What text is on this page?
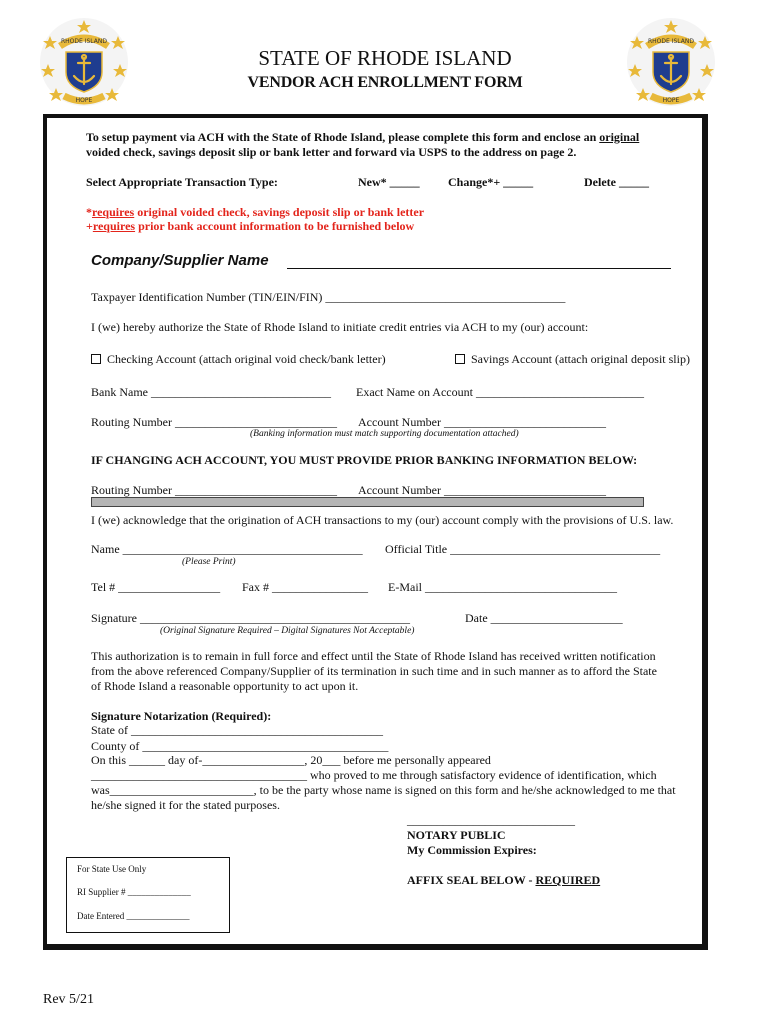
RHODE ISLAND
HOPE
RHODE ISLAND
HOPE
STATE OF RHODE ISLAND
VENDOR ACH ENROLLMENT FORM
To setup payment via ACH with the State of Rhode Island, please complete this form and enclose an original
voided check, savings deposit slip or bank letter and forward via USPS to the address on page 2.
Select Appropriate Transaction Type:	New* _____ Change*+ _____	Delete _____
*requires original voided check, savings deposit slip or bank letter
+requires prior bank account information to be furnished below
Company/Supplier Name
Taxpayer Identification Number (TIN/EIN/FIN) ________________________________________
I (we) hereby authorize the State of Rhode Island to initiate credit entries via ACH to my (our) account:
Checking Account (attach original void check/bank letter)	Savings Account (attach original deposit slip)
Bank Name ______________________________ Exact Name on Account ____________________________
Routing Number ___________________________ Account Number ___________________________
(Banking information must match supporting documentation attached)
IF CHANGING ACH ACCOUNT, YOU MUST PROVIDE PRIOR BANKING INFORMATION BELOW:
Routing Number ___________________________ Account Number ___________________________
I (we) acknowledge that the origination of ACH transactions to my (our) account comply with the provisions of U.S. law.
Name ________________________________________ Official Title ___________________________________
(Please Print)
Tel # _________________ Fax # ________________ E-Mail ________________________________
Signature _____________________________________________	Date ______________________
(Original Signature Required – Digital Signatures Not Acceptable)
This authorization is to remain in full force and effect until the State of Rhode Island has received written notification
from the above referenced Company/Supplier of its termination in such time and in such manner as to afford the State
of Rhode Island a reasonable opportunity to act upon it.
Signature Notarization (Required):
State of __________________________________________
County of _________________________________________
On this ______ day of-_________________, 20___ before me personally appeared
____________________________________ who proved to me through satisfactory evidence of identification, which
was________________________, to be the party whose name is signed on this form and he/she acknowledged to me that
he/she signed it for the stated purposes.
____________________________
NOTARY PUBLIC
My Commission Expires:
AFFIX SEAL BELOW - REQUIRED
For State Use Only
RI Supplier # ______________
Date Entered ______________
Rev 5/21
